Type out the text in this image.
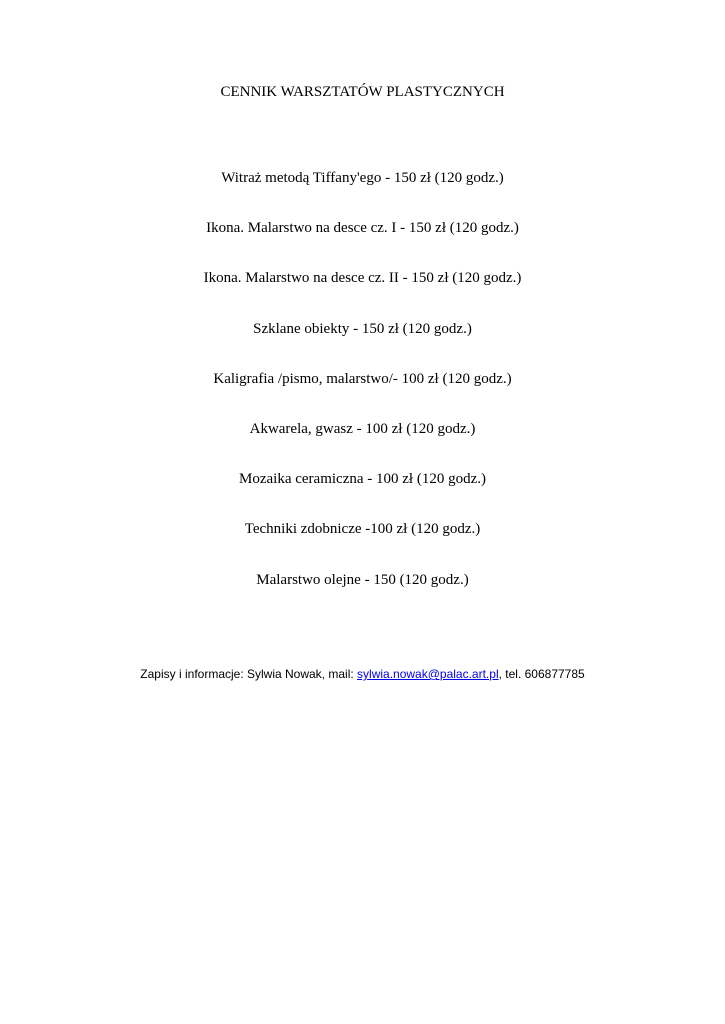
CENNIK WARSZTATÓW PLASTYCZNYCH
Witraż metodą Tiffany'ego - 150 zł (120 godz.)
Ikona. Malarstwo na desce cz. I - 150 zł (120 godz.)
Ikona. Malarstwo na desce cz. II - 150 zł (120 godz.)
Szklane obiekty - 150 zł (120 godz.)
Kaligrafia /pismo, malarstwo/- 100 zł (120 godz.)
Akwarela, gwasz - 100 zł (120 godz.)
Mozaika ceramiczna - 100 zł (120 godz.)
Techniki zdobnicze -100 zł (120 godz.)
Malarstwo olejne - 150 (120 godz.)
Zapisy i informacje: Sylwia Nowak, mail: sylwia.nowak@palac.art.pl, tel. 606877785
